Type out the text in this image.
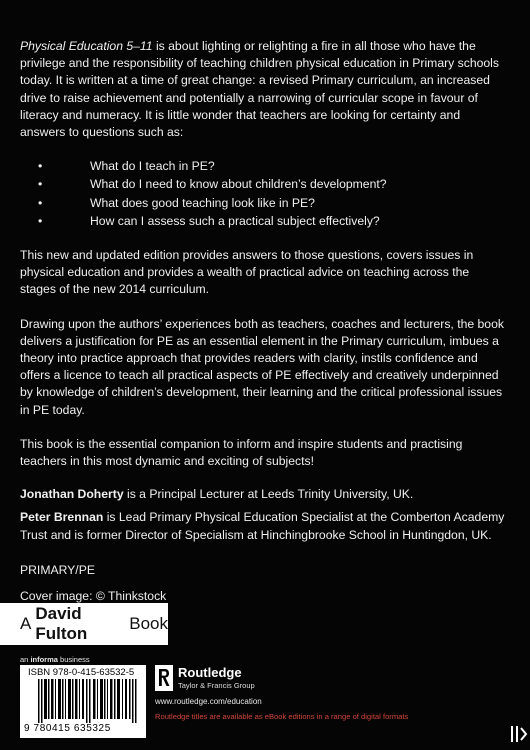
Physical Education 5–11 is about lighting or relighting a fire in all those who have the privilege and the responsibility of teaching children physical education in Primary schools today. It is written at a time of great change: a revised Primary curriculum, an increased drive to raise achievement and potentially a narrowing of curricular scope in favour of literacy and numeracy. It is little wonder that teachers are looking for certainty and answers to questions such as:

•	What do I teach in PE?
•	What do I need to know about children’s development?
•	What does good teaching look like in PE?
•	How can I assess such a practical subject effectively?

This new and updated edition provides answers to those questions, covers issues in physical education and provides a wealth of practical advice on teaching across the stages of the new 2014 curriculum.

Drawing upon the authors’ experiences both as teachers, coaches and lecturers, the book delivers a justification for PE as an essential element in the Primary curriculum, imbues a theory into practice approach that provides readers with clarity, instils confidence and offers a licence to teach all practical aspects of PE effectively and creatively underpinned by knowledge of children’s development, their learning and the critical professional issues in PE today.

This book is the essential companion to inform and inspire students and practising teachers in this most dynamic and exciting of subjects!

Jonathan Doherty is a Principal Lecturer at Leeds Trinity University, UK.

Peter Brennan is Lead Primary Physical Education Specialist at the Comberton Academy Trust and is former Director of Specialism at Hinchingbrooke School in Huntingdon, UK.

PRIMARY/PE

Cover image: © Thinkstock

A
David Fulton
Book
an informa business
ISBN 978-0-415-63532-5
9 780415 635325
Routledge
Taylor & Francis Group
www.routledge.com/education
Routledge titles are available as eBook editions in a range of digital formats
